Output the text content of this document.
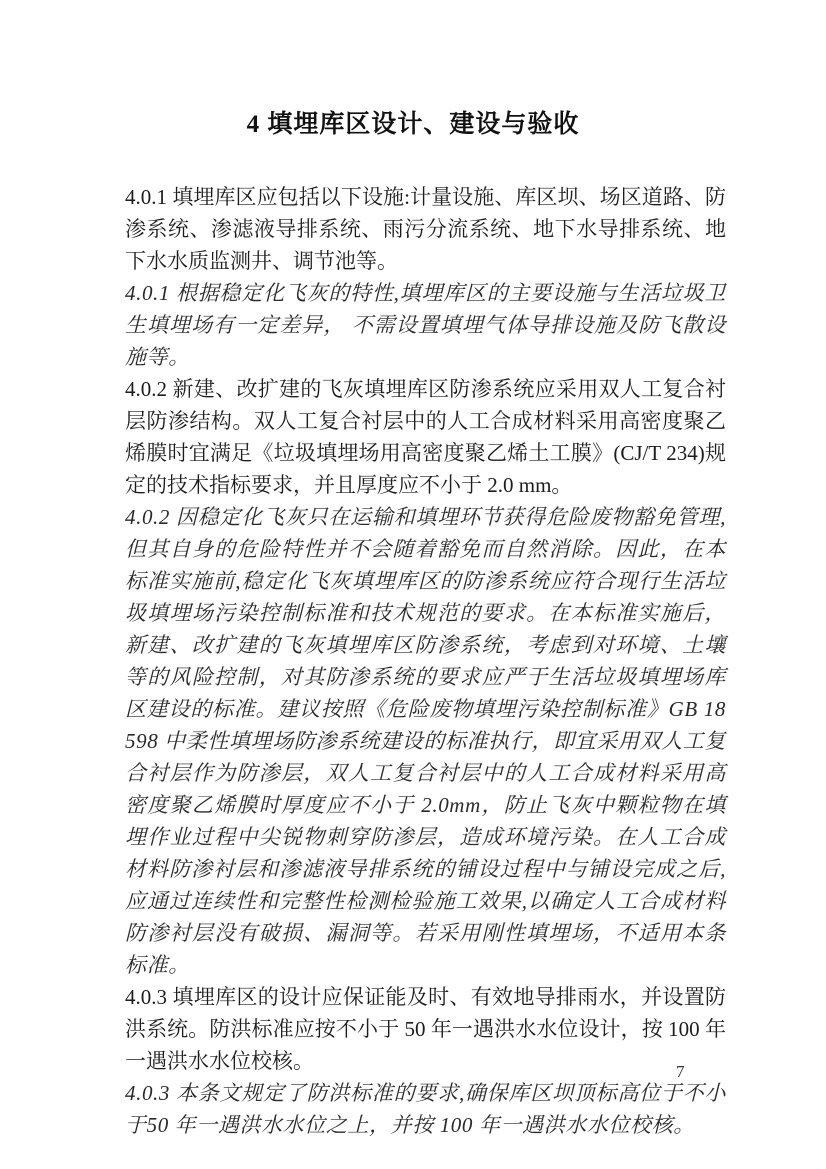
4 填埋库区设计、建设与验收

4.0.1 填埋库区应包括以下设施:计量设施、库区坝、场区道路、防渗系统、渗滤液导排系统、雨污分流系统、地下水导排系统、地下水水质监测井、调节池等。

4.0.1 根据稳定化飞灰的特性,填埋库区的主要设施与生活垃圾卫生填埋场有一定差异， 不需设置填埋气体导排设施及防飞散设施等。

4.0.2 新建、改扩建的飞灰填埋库区防渗系统应采用双人工复合衬层防渗结构。双人工复合衬层中的人工合成材料采用高密度聚乙烯膜时宜满足《垃圾填埋场用高密度聚乙烯土工膜》(CJ/T 234)规定的技术指标要求，并且厚度应不小于 2.0 mm。

4.0.2 因稳定化飞灰只在运输和填埋环节获得危险废物豁免管理,但其自身的危险特性并不会随着豁免而自然消除。因此，在本标准实施前,稳定化飞灰填埋库区的防渗系统应符合现行生活垃圾填埋场污染控制标准和技术规范的要求。在本标准实施后，新建、改扩建的飞灰填埋库区防渗系统，考虑到对环境、土壤等的风险控制，对其防渗系统的要求应严于生活垃圾填埋场库区建设的标准。建议按照《危险废物填埋污染控制标准》GB 18598 中柔性填埋场防渗系统建设的标准执行，即宜采用双人工复合衬层作为防渗层，双人工复合衬层中的人工合成材料采用高密度聚乙烯膜时厚度应不小于 2.0mm，防止飞灰中颗粒物在填埋作业过程中尖锐物刺穿防渗层，造成环境污染。在人工合成材料防渗衬层和渗滤液导排系统的铺设过程中与铺设完成之后,应通过连续性和完整性检测检验施工效果,以确定人工合成材料防渗衬层没有破损、漏洞等。若采用刚性填埋场，不适用本条标准。

4.0.3 填埋库区的设计应保证能及时、有效地导排雨水，并设置防洪系统。防洪标准应按不小于 50 年一遇洪水水位设计，按 100 年一遇洪水水位校核。

4.0.3 本条文规定了防洪标准的要求,确保库区坝顶标高位于不小于50 年一遇洪水水位之上，并按 100 年一遇洪水水位校核。

7
